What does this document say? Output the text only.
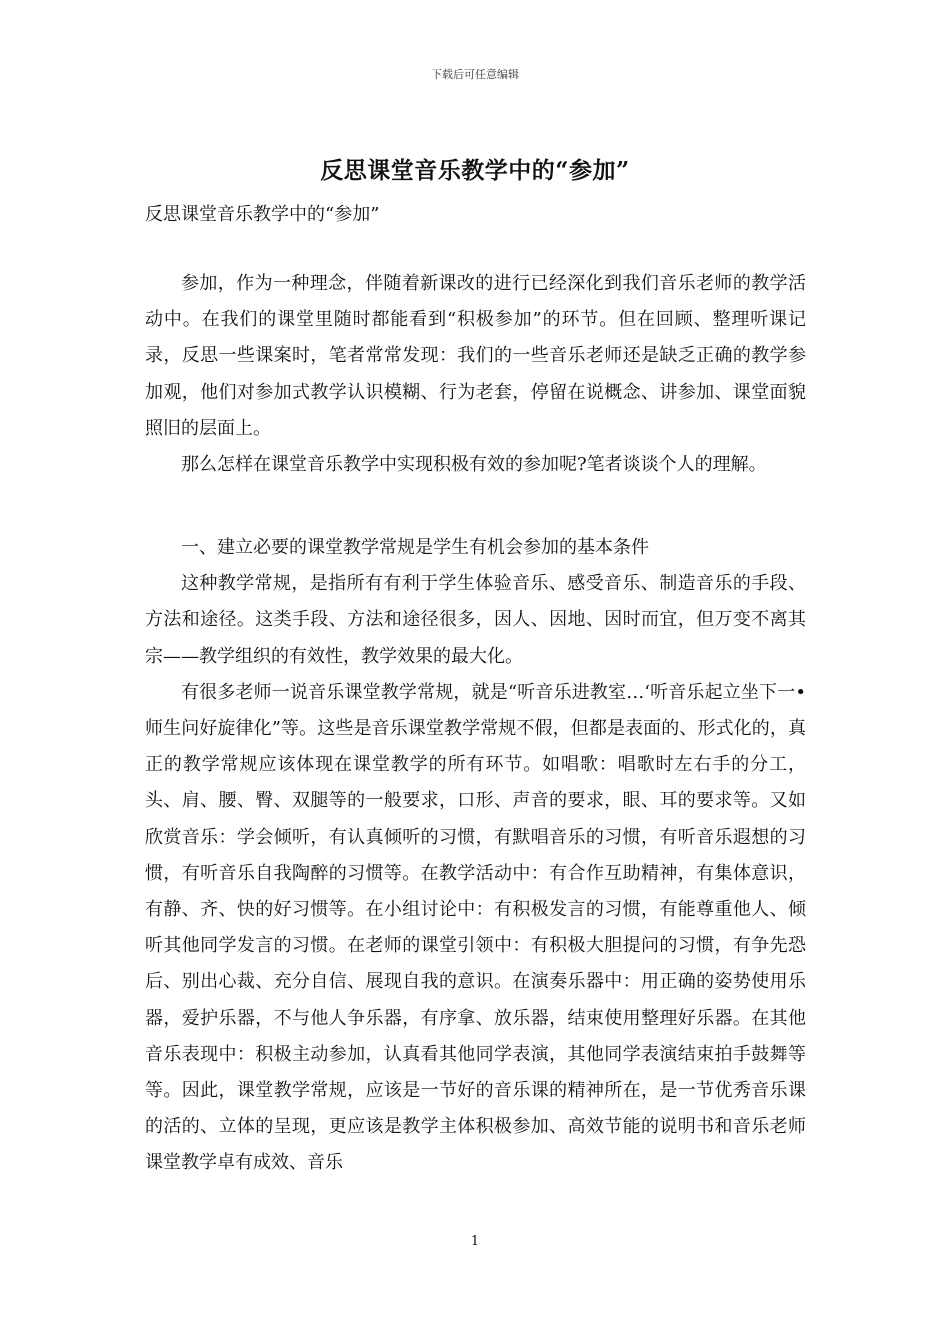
下载后可任意编辑
反思课堂音乐教学中的“参加”
反思课堂音乐教学中的“参加”

参加，作为一种理念，伴随着新课改的进行已经深化到我们音乐老师的教学活动中。在我们的课堂里随时都能看到“积极参加”的环节。但在回顾、整理听课记录，反思一些课案时，笔者常常发现：我们的一些音乐老师还是缺乏正确的教学参加观，他们对参加式教学认识模糊、行为老套，停留在说概念、讲参加、课堂面貌照旧的层面上。

那么怎样在课堂音乐教学中实现积极有效的参加呢?笔者谈谈个人的理解。

一、建立必要的课堂教学常规是学生有机会参加的基本条件

这种教学常规，是指所有有利于学生体验音乐、感受音乐、制造音乐的手段、方法和途径。这类手段、方法和途径很多，因人、因地、因时而宜，但万变不离其宗——教学组织的有效性，教学效果的最大化。

有很多老师一说音乐课堂教学常规，就是“听音乐进教室…‘听音乐起立坐下一•师生问好旋律化”等。这些是音乐课堂教学常规不假，但都是表面的、形式化的，真正的教学常规应该体现在课堂教学的所有环节。如唱歌：唱歌时左右手的分工，头、肩、腰、臀、双腿等的一般要求，口形、声音的要求，眼、耳的要求等。又如欣赏音乐：学会倾听，有认真倾听的习惯，有默唱音乐的习惯，有听音乐遐想的习惯，有听音乐自我陶醉的习惯等。在教学活动中：有合作互助精神，有集体意识，有静、齐、快的好习惯等。在小组讨论中：有积极发言的习惯，有能尊重他人、倾听其他同学发言的习惯。在老师的课堂引领中：有积极大胆提问的习惯，有争先恐后、别出心裁、充分自信、展现自我的意识。在演奏乐器中：用正确的姿势使用乐器，爱护乐器，不与他人争乐器，有序拿、放乐器，结束使用整理好乐器。在其他音乐表现中：积极主动参加，认真看其他同学表演，其他同学表演结束拍手鼓舞等等。因此，课堂教学常规，应该是一节好的音乐课的精神所在，是一节优秀音乐课的活的、立体的呈现，更应该是教学主体积极参加、高效节能的说明书和音乐老师课堂教学卓有成效、音乐

1
